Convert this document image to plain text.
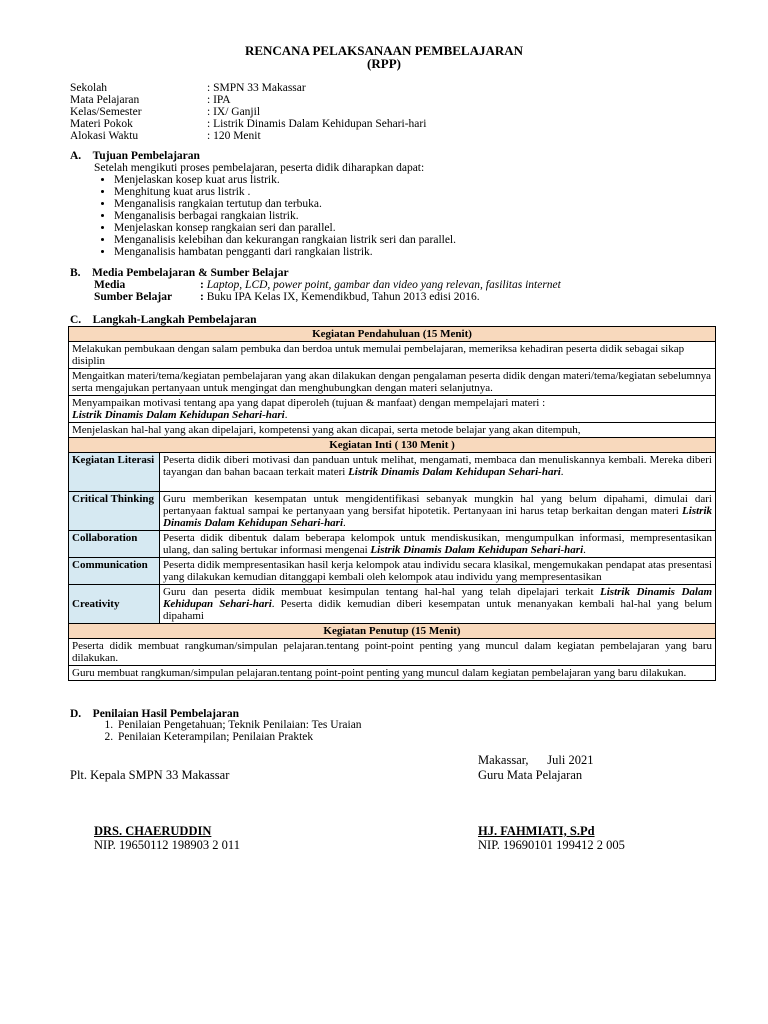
RENCANA PELAKSANAAN PEMBELAJARAN
(RPP)
Sekolah	: SMPN 33 Makassar
Mata Pelajaran	: IPA
Kelas/Semester	: IX/ Ganjil
Materi Pokok	: Listrik Dinamis Dalam Kehidupan Sehari-hari
Alokasi Waktu	: 120 Menit
A.    Tujuan Pembelajaran
Setelah mengikuti proses pembelajaran, peserta didik diharapkan dapat:
• Menjelaskan kosep kuat arus listrik.
• Menghitung kuat arus listrik .
• Menganalisis rangkaian tertutup dan terbuka.
• Menganalisis berbagai rangkaian listrik.
• Menjelaskan konsep rangkaian seri dan parallel.
• Menganalisis kelebihan dan kekurangan rangkaian listrik seri dan parallel.
• Menganalisis hambatan pengganti dari rangkaian listrik.
B.    Media Pembelajaran & Sumber Belajar
Media	: Laptop, LCD, power point, gambar dan video yang relevan, fasilitas internet
Sumber Belajar : Buku IPA Kelas IX, Kemendikbud, Tahun 2013 edisi 2016.
C.    Langkah-Langkah Pembelajaran
Kegiatan Pendahuluan (15 Menit)	
Melakukan pembukaan dengan salam pembuka dan berdoa untuk memulai pembelajaran, memeriksa kehadiran peserta didik sebagai sikap disiplin	
Mengaitkan materi/tema/kegiatan pembelajaran yang akan dilakukan dengan pengalaman peserta didik dengan materi/tema/kegiatan sebelumnya serta mengajukan pertanyaan untuk mengingat dan menghubungkan dengan materi selanjutnya.	
Menyampaikan motivasi tentang apa yang dapat diperoleh (tujuan & manfaat) dengan mempelajari materi :
Listrik Dinamis Dalam Kehidupan Sehari-hari.	
Menjelaskan hal-hal yang akan dipelajari, kompetensi yang akan dicapai, serta metode belajar yang akan ditempuh,	
Kegiatan Inti ( 130 Menit )	
Kegiatan Literasi	Peserta didik diberi motivasi dan panduan untuk melihat, mengamati, membaca dan menuliskannya kembali. Mereka diberi tayangan dan bahan bacaan terkait materi Listrik Dinamis Dalam Kehidupan Sehari-hari.
Critical Thinking	Guru memberikan kesempatan untuk mengidentifikasi sebanyak mungkin hal yang belum dipahami, dimulai dari pertanyaan faktual sampai ke pertanyaan yang bersifat hipotetik. Pertanyaan ini harus tetap berkaitan dengan materi Listrik Dinamis Dalam Kehidupan Sehari-hari.
Collaboration	Peserta didik dibentuk dalam beberapa kelompok untuk mendiskusikan, mengumpulkan informasi, mempresentasikan ulang, dan saling bertukar informasi mengenai Listrik Dinamis Dalam Kehidupan Sehari-hari.
Communication	Peserta didik mempresentasikan hasil kerja kelompok atau individu secara klasikal, mengemukakan pendapat atas presentasi yang dilakukan kemudian ditanggapi kembali oleh kelompok atau individu yang mempresentasikan
Creativity	Guru dan peserta didik membuat kesimpulan tentang hal-hal yang telah dipelajari terkait Listrik Dinamis Dalam Kehidupan Sehari-hari. Peserta didik kemudian diberi kesempatan untuk menanyakan kembali hal-hal yang belum dipahami
Kegiatan Penutup (15 Menit)	
Peserta didik membuat rangkuman/simpulan pelajaran.tentang point-point penting yang muncul dalam kegiatan pembelajaran yang baru dilakukan.	
Guru membuat rangkuman/simpulan pelajaran.tentang point-point penting yang muncul dalam kegiatan pembelajaran yang baru dilakukan.	
D.    Penilaian Hasil Pembelajaran
1. Penilaian Pengetahuan; Teknik Penilaian: Tes Uraian
2. Penilaian Keterampilan; Penilaian Praktek
Makassar,      Juli 2021
Plt. Kepala SMPN 33 Makassar	Guru Mata Pelajaran
DRS. CHAERUDDIN
NIP. 19650112 198903 2 011
HJ. FAHMIATI, S.Pd
NIP. 19690101 199412 2 005
